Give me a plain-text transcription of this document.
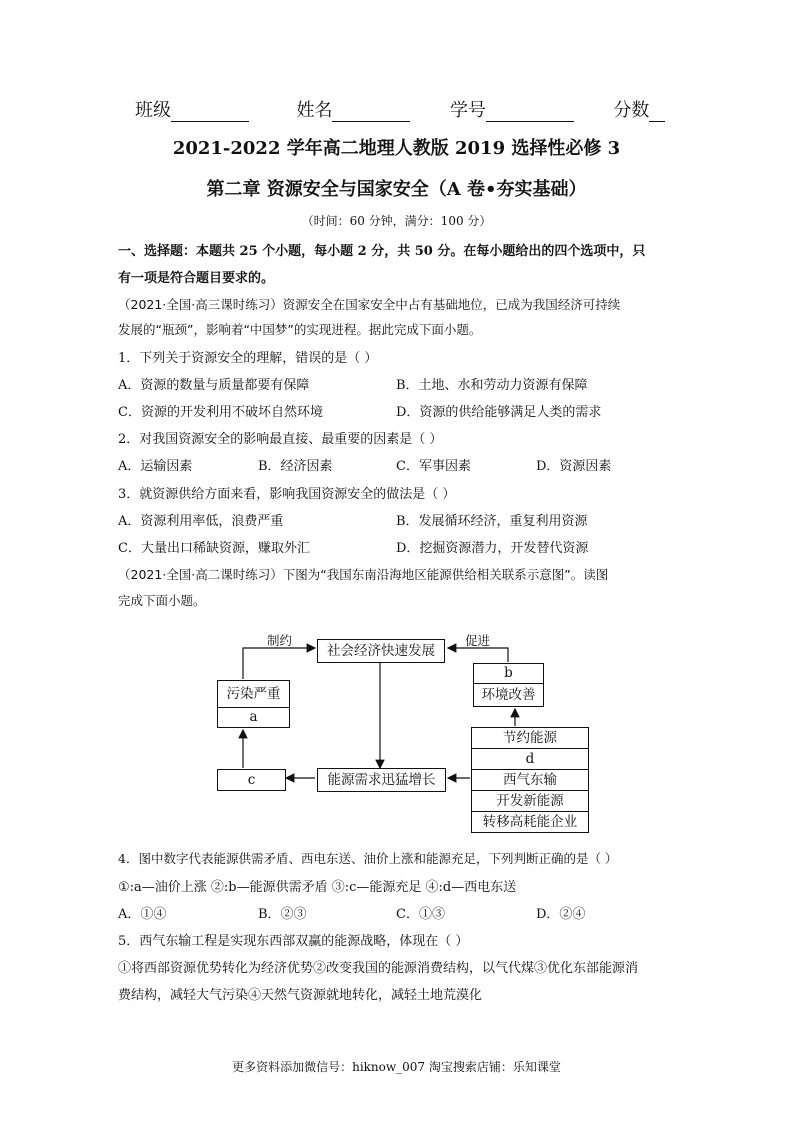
班级	姓名	学号	分数
2021-2022 学年高二地理人教版 2019 选择性必修 3
第二章 资源安全与国家安全（A 卷•夯实基础）
（时间：60 分钟，满分：100 分）
一、选择题：本题共 25 个小题，每小题 2 分，共 50 分。在每小题给出的四个选项中，只
有一项是符合题目要求的。
（2021·全国·高三课时练习）资源安全在国家安全中占有基础地位，已成为我国经济可持续
发展的“瓶颈”，影响着“中国梦”的实现进程。据此完成下面小题。
1．下列关于资源安全的理解，错误的是（ ）
A．资源的数量与质量都要有保障	B．土地、水和劳动力资源有保障
C．资源的开发利用不破坏自然环境	D．资源的供给能够满足人类的需求
2．对我国资源安全的影响最直接、最重要的因素是（ ）
A．运输因素	B．经济因素	C．军事因素	D．资源因素
3．就资源供给方面来看，影响我国资源安全的做法是（ ）
A．资源利用率低，浪费严重	B．发展循环经济，重复利用资源
C．大量出口稀缺资源，赚取外汇	D．挖掘资源潜力，开发替代资源
（2021·全国·高二课时练习）下图为“我国东南沿海地区能源供给相关联系示意图”。读图
完成下面小题。
制约	促进
社会经济快速发展
污染严重
a
b
环境改善
c	能源需求迅猛增长
节约能源
d
西气东输
开发新能源
转移高耗能企业
4．图中数字代表能源供需矛盾、西电东送、油价上涨和能源充足，下列判断正确的是（ ）
①:a—油价上涨 ②:b—能源供需矛盾 ③:c—能源充足 ④:d—西电东送
A．①④	B．②③	C．①③	D．②④
5．西气东输工程是实现东西部双赢的能源战略，体现在（ ）
①将西部资源优势转化为经济优势②改变我国的能源消费结构，以气代煤③优化东部能源消
费结构，减轻大气污染④天然气资源就地转化，减轻土地荒漠化
更多资料添加微信号：hiknow_007 淘宝搜索店铺：乐知课堂
